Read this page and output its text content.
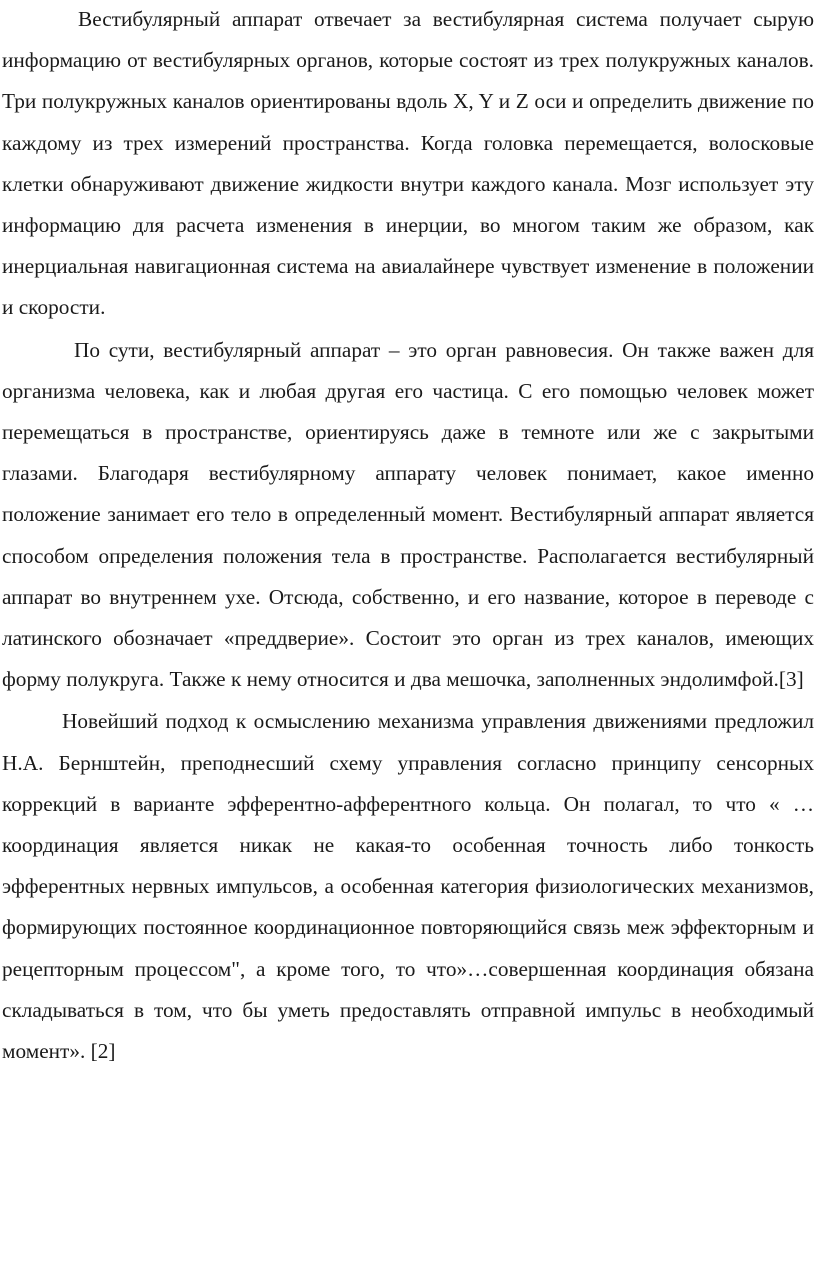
Вестибулярный аппарат отвечает за вестибулярная система получает сырую информацию от вестибулярных органов, которые состоят из трех полукружных каналов. Три полукружных каналов ориентированы вдоль X, Y и Z оси и определить движение по каждому из трех измерений пространства. Когда головка перемещается, волосковые клетки обнаруживают движение жидкости внутри каждого канала. Мозг использует эту информацию для расчета изменения в инерции, во многом таким же образом, как инерциальная навигационная система на авиалайнере чувствует изменение в положении и скорости.

По сути, вестибулярный аппарат – это орган равновесия. Он также важен для организма человека, как и любая другая его частица. С его помощью человек может перемещаться в пространстве, ориентируясь даже в темноте или же с закрытыми глазами. Благодаря вестибулярному аппарату человек понимает, какое именно положение занимает его тело в определенный момент. Вестибулярный аппарат является способом определения положения тела в пространстве. Располагается вестибулярный аппарат во внутреннем ухе. Отсюда, собственно, и его название, которое в переводе с латинского обозначает «преддверие». Состоит это орган из трех каналов, имеющих форму полукруга. Также к нему относится и два мешочка, заполненных эндолимфой.[3]

Новейший подход к осмыслению механизма управления движениями предложил Н.А. Бернштейн, преподнесший схему управления согласно принципу сенсорных коррекций в варианте эфферентно-афферентного кольца. Он полагал, то что « …координация является никак не какая-то особенная точность либо тонкость эфферентных нервных импульсов, а особенная категория физиологических механизмов, формирующих постоянное координационное повторяющийся связь меж эффекторным и рецепторным процессом", а кроме того, то что»…совершенная координация обязана складываться в том, что бы уметь предоставлять отправной импульс в необходимый момент». [2]
